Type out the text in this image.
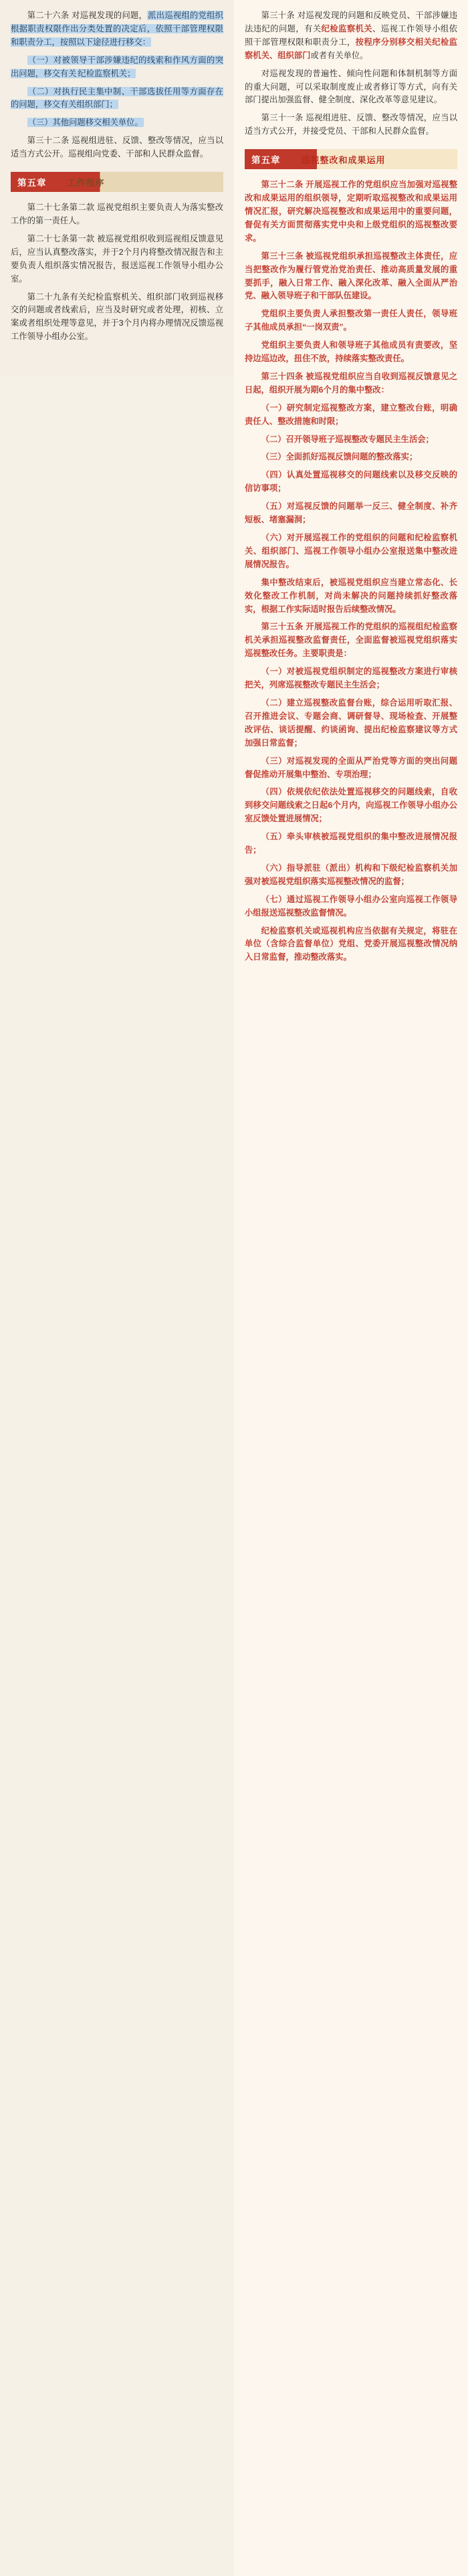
第二十六条 对巡视发现的问题，派出巡视组的党组织根据职责权限作出分类处置的决定后，依照干部管理权限和职责分工，按照以下途径进行移交：

（一）对被领导干部涉嫌违纪的线索和作风方面的突出问题，移交有关 纪检监察机关；

（二）对执行民主集中制、干部选拔任用等方面存在的问题，移交有关组织部门；

（三）其他问题移交相关单位。

第三十二条 巡视组进驻、反馈、整改等情况，应当以适当方式公开。巡视组向党委、干部和人民群众监督。

第五章	工作程序

第二十七条第二款 巡视党组织主要负责人为落实整改工作的第一责任人。

第二十七条第一款 被巡视党组织收到巡视组反馈意见后，应当认真整改落实，并于2个月内将整改情况报告和主要负责人组织落实情况报告，报送巡视工作领导小组办公室。

第二十九条有关纪检监察机关、组织部门收到巡视移交的问题或者线索后，应当及时研究或者处理，初核、立案或者组织处理等意见，并于3个月内将办理情况反馈巡视工作领导小组办公室。

第三十条 对巡视发现的问题和反映党员、干部涉嫌违法违纪的问题，有关纪检监察机关、巡视工作领导小组依照干部管理权限和职责分工，按程序分别移交相关纪检监察机关、组织部门或者有关单位。

对巡视发现的普遍性、倾向性问题和体制机制等方面的重大问题，可以采取制度废止或者修订等方式，向有关部门提出加强监督、健全制度、深化改革等意见建议。

第三十一条 巡视组进驻、反馈、整改等情况，应当以适当方式公开，并接受党员、干部和人民群众监督。

第五章	巡视整改和成果运用

第三十二条 开展巡视工作的党组织应当加强对巡视整改和成果运用的组织领导，定期听取巡视整改和成果运用情况汇报，研究解决巡视整改和成果运用中的重要问题，督促有关方面贯彻落实党中央和上级党组织的巡视整改要求。

第三十三条 被巡视党组织承担巡视整改主体责任，应当把整改作为履行管党治党治责任、推动高质量发展的重要抓手，融入日常工作、融入深化改革、融入全面从严治党、融入领导班子和干部队伍建设。

党组织主要负责人承担整改第一责任人责任，领导班子其他成员承担“一岗双责”。

党组织主要负责人和领导班子其他成员有责要改，坚持边巡边改，扭住不放，持续落实整改责任。

第三十四条 被巡视党组织应当自收到巡视反馈意见之日起，组织开展为期6个月的集中整改：

（一）研究制定巡视整改方案，建立整改台账，明确责任人、整改措施和时限；

（二）召开领导班子巡视整改专题民主生活会；

（三）全面抓好巡视反馈问题的整改落实；

（四）认真处置巡视移交的问题线索以及移交反映的信访事项；

（五）对巡视反馈的问题举一反三、健全制度、补齐短板、堵塞漏洞；

（六）对开展巡视工作的党组织的问题和纪检监察机关、组织部门、巡视工作领导小组办公室报送集中整改进展情况报告。

集中整改结束后，被巡视党组织应当建立常态化、长效化整改工作机制，对尚未解决的问题持续抓好整改落实，根据工作实际适时报告后续整改情况。

第三十五条 开展巡视工作的党组织的巡视组纪检监察机关承担巡视整改监督责任，全面监督被巡视党组织落实巡视整改任务。主要职责是：

（一）对被巡视党组织制定的巡视整改方案进行审核把关，列席巡视整改专题民主生活会；

（二）建立巡视整改监督台账，综合运用听取汇报、召开推进会议、专题会商、调研督导、现场检查、开展整改评估、谈话提醒、约谈函询、提出纪检监察建议等方式加强日常监督；

（三）对巡视发现的全面从严治党等方面的突出问题督促推动开展集中整治、专项治理；

（四）依规依纪依法处置巡视移交的问题线索，自收到移交问题线索之日起6个月内，向巡视工作领导小组办公室反馈处置进展情况；

（五）牵头审核被巡视党组织的集中整改进展情况报告；

（六）指导派驻（派出）机构和下级纪检监察机关加强对被巡视党组织落实巡视整改情况的监督；

（七）通过巡视工作领导小组办公室向巡视工作领导小组报送巡视整改监督情况。

纪检监察机关或巡视机构应当依据有关规定，将驻在单位（含综合监督单位）党组、党委开展巡视整改情况纳入日常监督，推动整改落实。
